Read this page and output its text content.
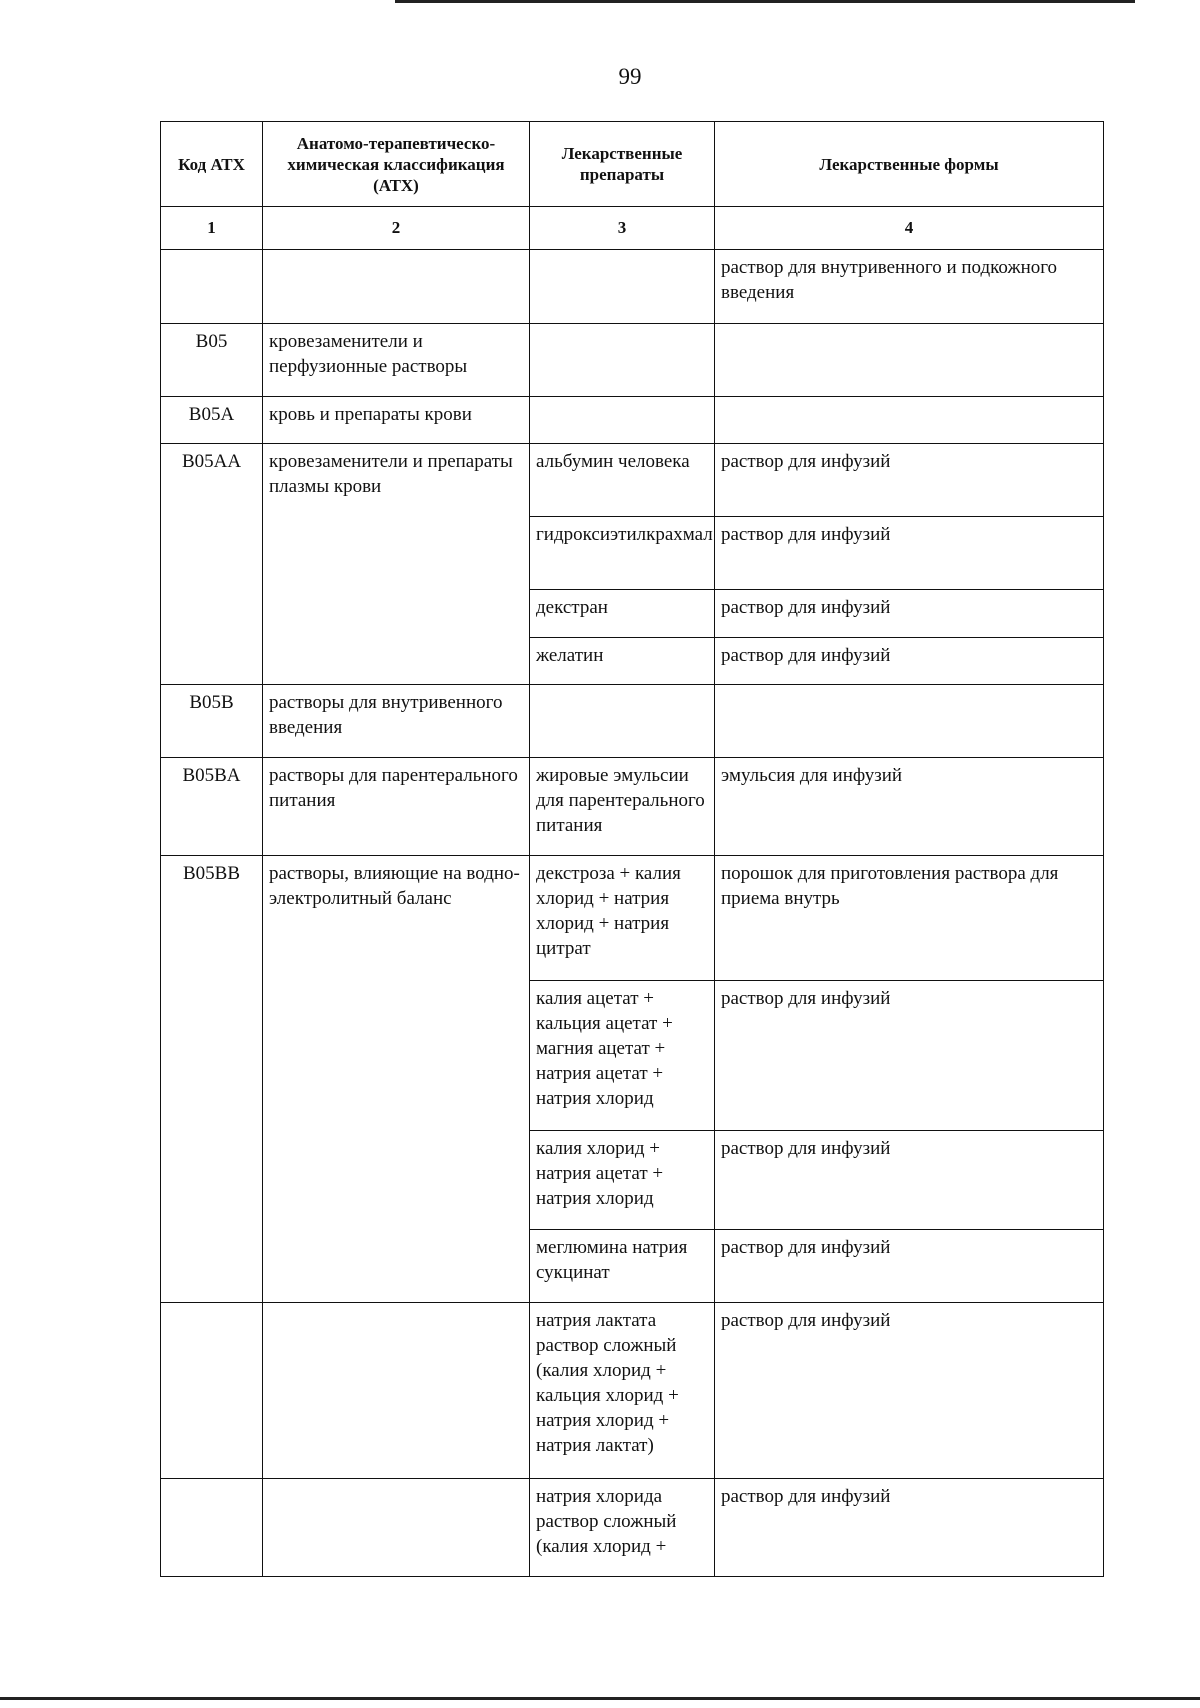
99
Код АТХ	Анатомо-терапевтическо-химическая классификация (АТХ)	Лекарственные препараты	Лекарственные формы
1	2	3	4
			раствор для внутривенного и подкожного введения
B05	кровезаменители и перфузионные растворы		
B05A	кровь и препараты крови		
B05AA	кровезаменители и препараты плазмы крови	альбумин человека	раствор для инфузий
		гидроксиэтилкрахмал	раствор для инфузий
		декстран	раствор для инфузий
		желатин	раствор для инфузий
B05B	растворы для внутривенного введения		
B05BA	растворы для парентерального питания	жировые эмульсии для парентерального питания	эмульсия для инфузий
B05BB	растворы, влияющие на водно-электролитный баланс	декстроза + калия хлорид + натрия хлорид + натрия цитрат	порошок для приготовления раствора для приема внутрь
		калия ацетат + кальция ацетат + магния ацетат + натрия ацетат + натрия хлорид	раствор для инфузий
		калия хлорид + натрия ацетат + натрия хлорид	раствор для инфузий
		меглюмина натрия сукцинат	раствор для инфузий
		натрия лактата раствор сложный (калия хлорид + кальция хлорид + натрия хлорид + натрия лактат)	раствор для инфузий
		натрия хлорида раствор сложный (калия хлорид +	раствор для инфузий
